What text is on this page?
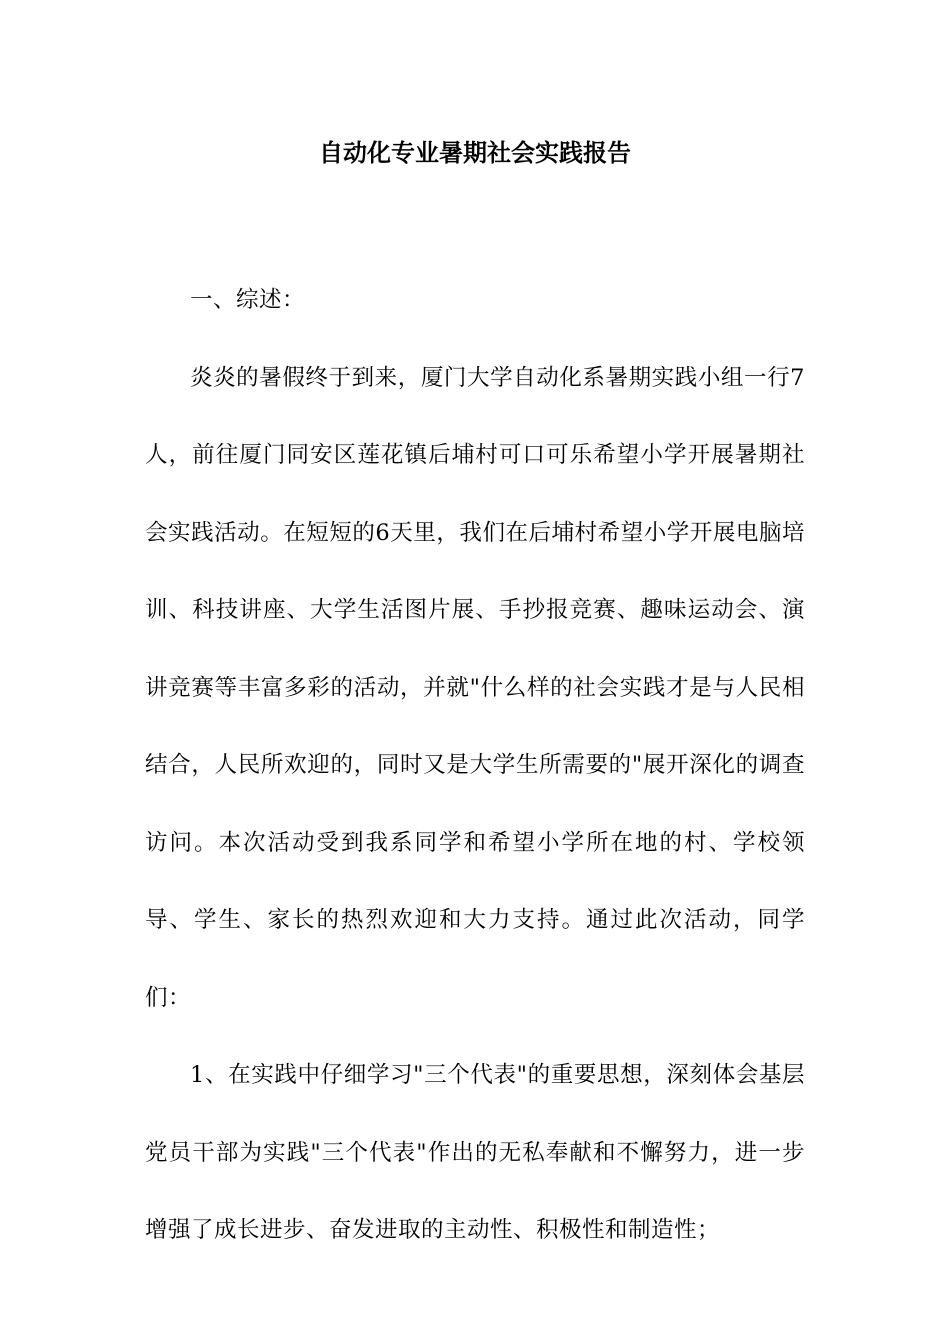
自动化专业暑期社会实践报告

一、综述：

炎炎的暑假终于到来，厦门大学自动化系暑期实践小组一行7人，前往厦门同安区莲花镇后埔村可口可乐希望小学开展暑期社会实践活动。在短短的6天里，我们在后埔村希望小学开展电脑培训、科技讲座、大学生活图片展、手抄报竞赛、趣味运动会、演讲竞赛等丰富多彩的活动，并就"什么样的社会实践才是与人民相结合，人民所欢迎的，同时又是大学生所需要的"展开深化的调查访问。本次活动受到我系同学和希望小学所在地的村、学校领导、学生、家长的热烈欢迎和大力支持。通过此次活动，同学们：

1、在实践中仔细学习"三个代表"的重要思想，深刻体会基层党员干部为实践"三个代表"作出的无私奉献和不懈努力，进一步增强了成长进步、奋发进取的主动性、积极性和制造性；
